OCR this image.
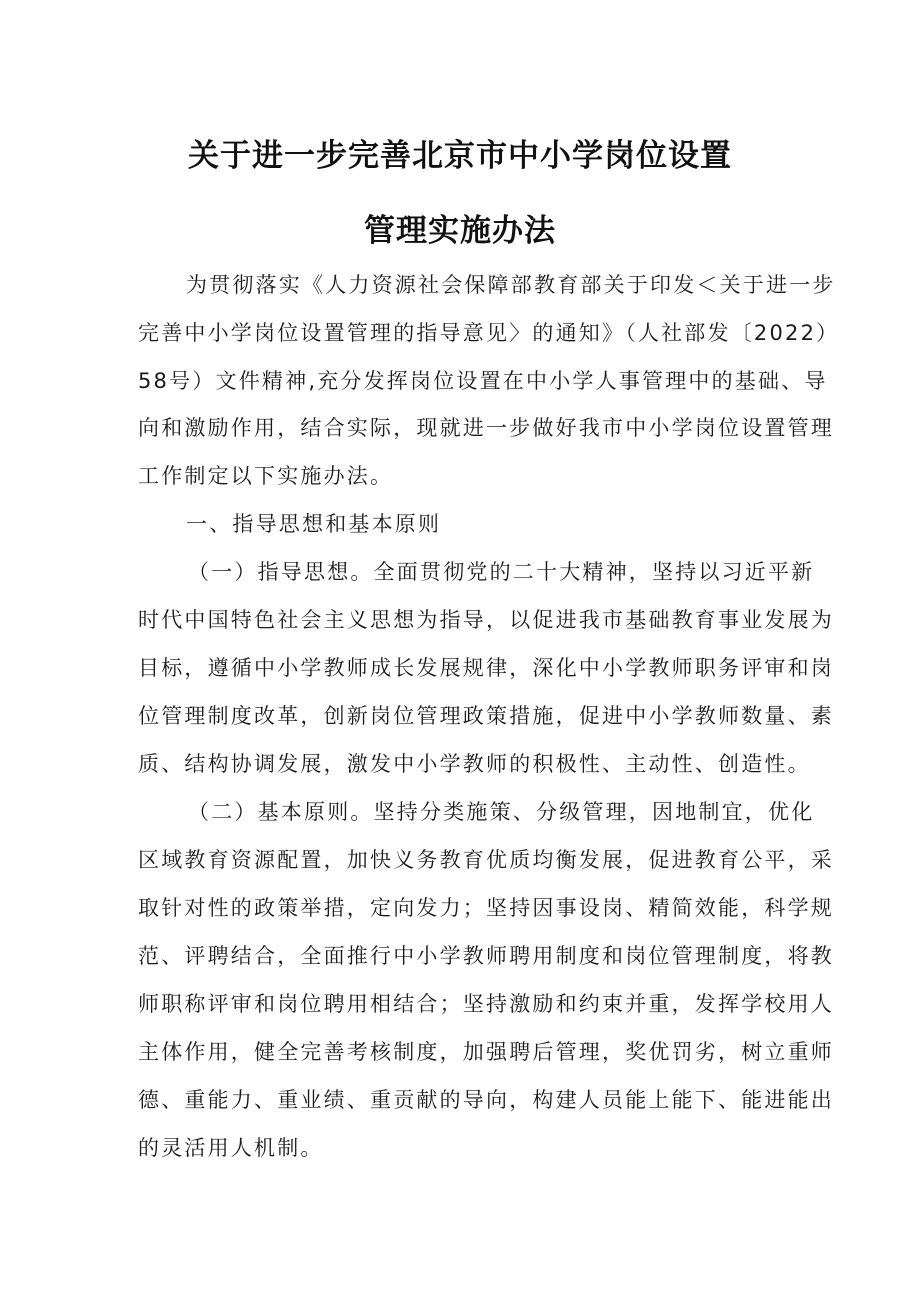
关于进一步完善北京市中小学岗位设置
管理实施办法
为贯彻落实《人力资源社会保障部教育部关于印发＜关于进一步
完善中小学岗位设置管理的指导意见〉的通知》（人社部发〔2022）
58号）文件精神,充分发挥岗位设置在中小学人事管理中的基础、导
向和激励作用，结合实际，现就进一步做好我市中小学岗位设置管理
工作制定以下实施办法。
一、指导思想和基本原则
（一）指导思想。全面贯彻党的二十大精神，坚持以习近平新
时代中国特色社会主义思想为指导，以促进我市基础教育事业发展为
目标，遵循中小学教师成长发展规律，深化中小学教师职务评审和岗
位管理制度改革，创新岗位管理政策措施，促进中小学教师数量、素
质、结构协调发展，激发中小学教师的积极性、主动性、创造性。
（二）基本原则。坚持分类施策、分级管理，因地制宜，优化
区域教育资源配置，加快义务教育优质均衡发展，促进教育公平，采
取针对性的政策举措，定向发力；坚持因事设岗、精简效能，科学规
范、评聘结合，全面推行中小学教师聘用制度和岗位管理制度，将教
师职称评审和岗位聘用相结合；坚持激励和约束并重，发挥学校用人
主体作用，健全完善考核制度，加强聘后管理，奖优罚劣，树立重师
德、重能力、重业绩、重贡献的导向，构建人员能上能下、能进能出
的灵活用人机制。
